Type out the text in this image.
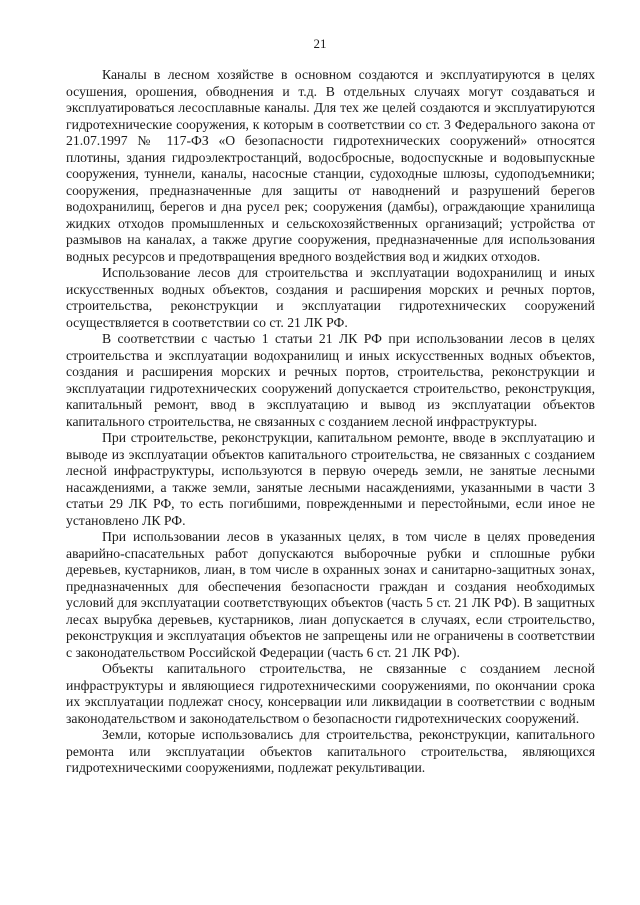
21

Каналы в лесном хозяйстве в основном создаются и эксплуатируются в целях осушения, орошения, обводнения и т.д. В отдельных случаях могут создаваться и эксплуатироваться лесосплавные каналы. Для тех же целей создаются и эксплуатируются гидротехнические сооружения, к которым в соответствии со ст. 3 Федерального закона от 21.07.1997 № 117-ФЗ «О безопасности гидротехнических сооружений» относятся плотины, здания гидроэлектростанций, водосбросные, водоспускные и водовыпускные сооружения, туннели, каналы, насосные станции, судоходные шлюзы, судоподъемники; сооружения, предназначенные для защиты от наводнений и разрушений берегов водохранилищ, берегов и дна русел рек; сооружения (дамбы), ограждающие хранилища жидких отходов промышленных и сельскохозяйственных организаций; устройства от размывов на каналах, а также другие сооружения, предназначенные для использования водных ресурсов и предотвращения вредного воздействия вод и жидких отходов.

Использование лесов для строительства и эксплуатации водохранилищ и иных искусственных водных объектов, создания и расширения морских и речных портов, строительства, реконструкции и эксплуатации гидротехнических сооружений осуществляется в соответствии со ст. 21 ЛК РФ.

В соответствии с частью 1 статьи 21 ЛК РФ при использовании лесов в целях строительства и эксплуатации водохранилищ и иных искусственных водных объектов, создания и расширения морских и речных портов, строительства, реконструкции и эксплуатации гидротехнических сооружений допускается строительство, реконструкция, капитальный ремонт, ввод в эксплуатацию и вывод из эксплуатации объектов капитального строительства, не связанных с созданием лесной инфраструктуры.

При строительстве, реконструкции, капитальном ремонте, вводе в эксплуатацию и выводе из эксплуатации объектов капитального строительства, не связанных с созданием лесной инфраструктуры, используются в первую очередь земли, не занятые лесными насаждениями, а также земли, занятые лесными насаждениями, указанными в части 3 статьи 29 ЛК РФ, то есть погибшими, поврежденными и перестойными, если иное не установлено ЛК РФ.

При использовании лесов в указанных целях, в том числе в целях проведения аварийно-спасательных работ допускаются выборочные рубки и сплошные рубки деревьев, кустарников, лиан, в том числе в охранных зонах и санитарно-защитных зонах, предназначенных для обеспечения безопасности граждан и создания необходимых условий для эксплуатации соответствующих объектов (часть 5 ст. 21 ЛК РФ). В защитных лесах вырубка деревьев, кустарников, лиан допускается в случаях, если строительство, реконструкция и эксплуатация объектов не запрещены или не ограничены в соответствии с законодательством Российской Федерации (часть 6 ст. 21 ЛК РФ).

Объекты капитального строительства, не связанные с созданием лесной инфраструктуры и являющиеся гидротехническими сооружениями, по окончании срока их эксплуатации подлежат сносу, консервации или ликвидации в соответствии с водным законодательством и законодательством о безопасности гидротехнических сооружений.

Земли, которые использовались для строительства, реконструкции, капитального ремонта или эксплуатации объектов капитального строительства, являющихся гидротехническими сооружениями, подлежат рекультивации.
